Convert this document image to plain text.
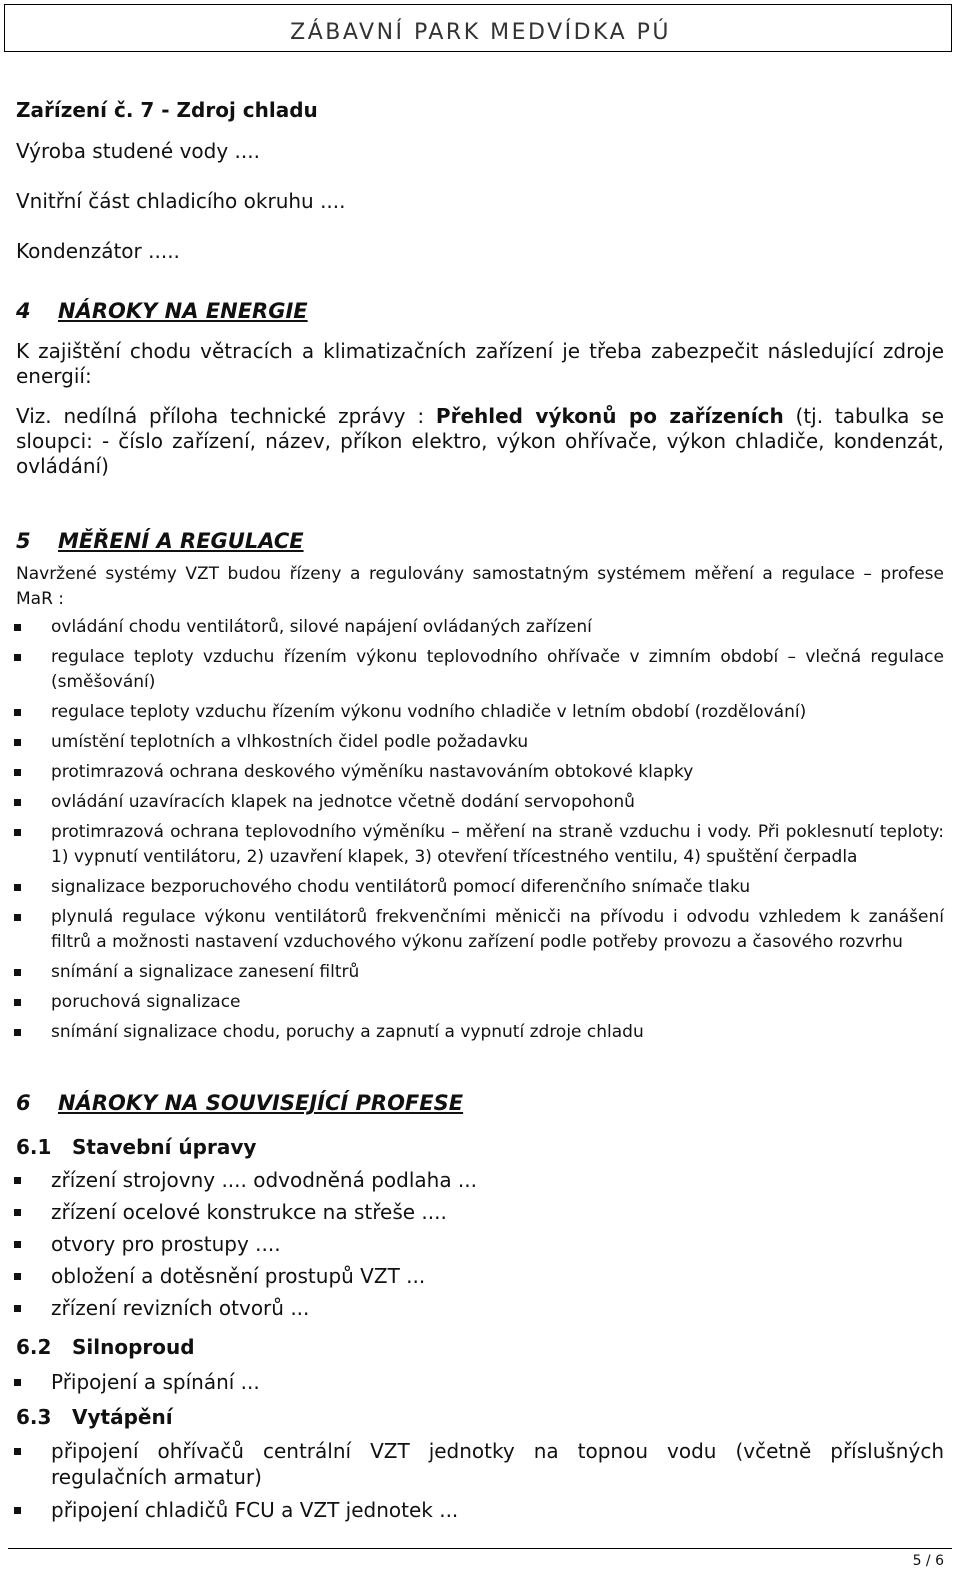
ZÁBAVNÍ PARK MEDVÍDKA PÚ
Zařízení č. 7 - Zdroj chladu
Výroba studené vody ....
Vnitřní část chladicího okruhu ....
Kondenzátor .....
4 NÁROKY NA ENERGIE
K zajištění chodu větracích a klimatizačních zařízení je třeba zabezpečit následující zdroje energií:
Viz. nedílná příloha technické zprávy : Přehled výkonů po zařízeních (tj. tabulka se sloupci: - číslo zařízení, název, příkon elektro, výkon ohřívače, výkon chladiče, kondenzát, ovládání)
5 MĚŘENÍ A REGULACE
Navržené systémy VZT budou řízeny a regulovány samostatným systémem měření a regulace – profese MaR :
ovládání chodu ventilátorů, silové napájení ovládaných zařízení
regulace teploty vzduchu řízením výkonu teplovodního ohřívače v zimním období – vlečná regulace (směšování)
regulace teploty vzduchu řízením výkonu vodního chladiče v letním období (rozdělování)
umístění teplotních a vlhkostních čidel podle požadavku
protimrazová ochrana deskového výměníku nastavováním obtokové klapky
ovládání uzavíracích klapek na jednotce včetně dodání servopohonů
protimrazová ochrana teplovodního výměníku – měření na straně vzduchu i vody. Při poklesnutí teploty: 1) vypnutí ventilátoru, 2) uzavření klapek, 3) otevření třícestného ventilu, 4) spuštění čerpadla
signalizace bezporuchového chodu ventilátorů pomocí diferenčního snímače tlaku
plynulá regulace výkonu ventilátorů frekvenčními měnicči na přívodu i odvodu vzhledem k zanášení filtrů a možnosti nastavení vzduchového výkonu zařízení podle potřeby provozu a časového rozvrhu
snímání a signalizace zanesení filtrů
poruchová signalizace
snímání signalizace chodu, poruchy a zapnutí a vypnutí zdroje chladu
6 NÁROKY NA SOUVISEJÍCÍ PROFESE
6.1 Stavební úpravy
zřízení strojovny .... odvodněná podlaha ...
zřízení ocelové konstrukce na střeše ....
otvory pro prostupy ....
obložení a dotěsnění prostupů VZT ...
zřízení revizních otvorů ...
6.2 Silnoproud
Připojení a spínání ...
6.3 Vytápění
připojení ohřívačů centrální VZT jednotky na topnou vodu (včetně příslušných regulačních armatur)
připojení chladičů FCU a VZT jednotek ...
5 / 6
